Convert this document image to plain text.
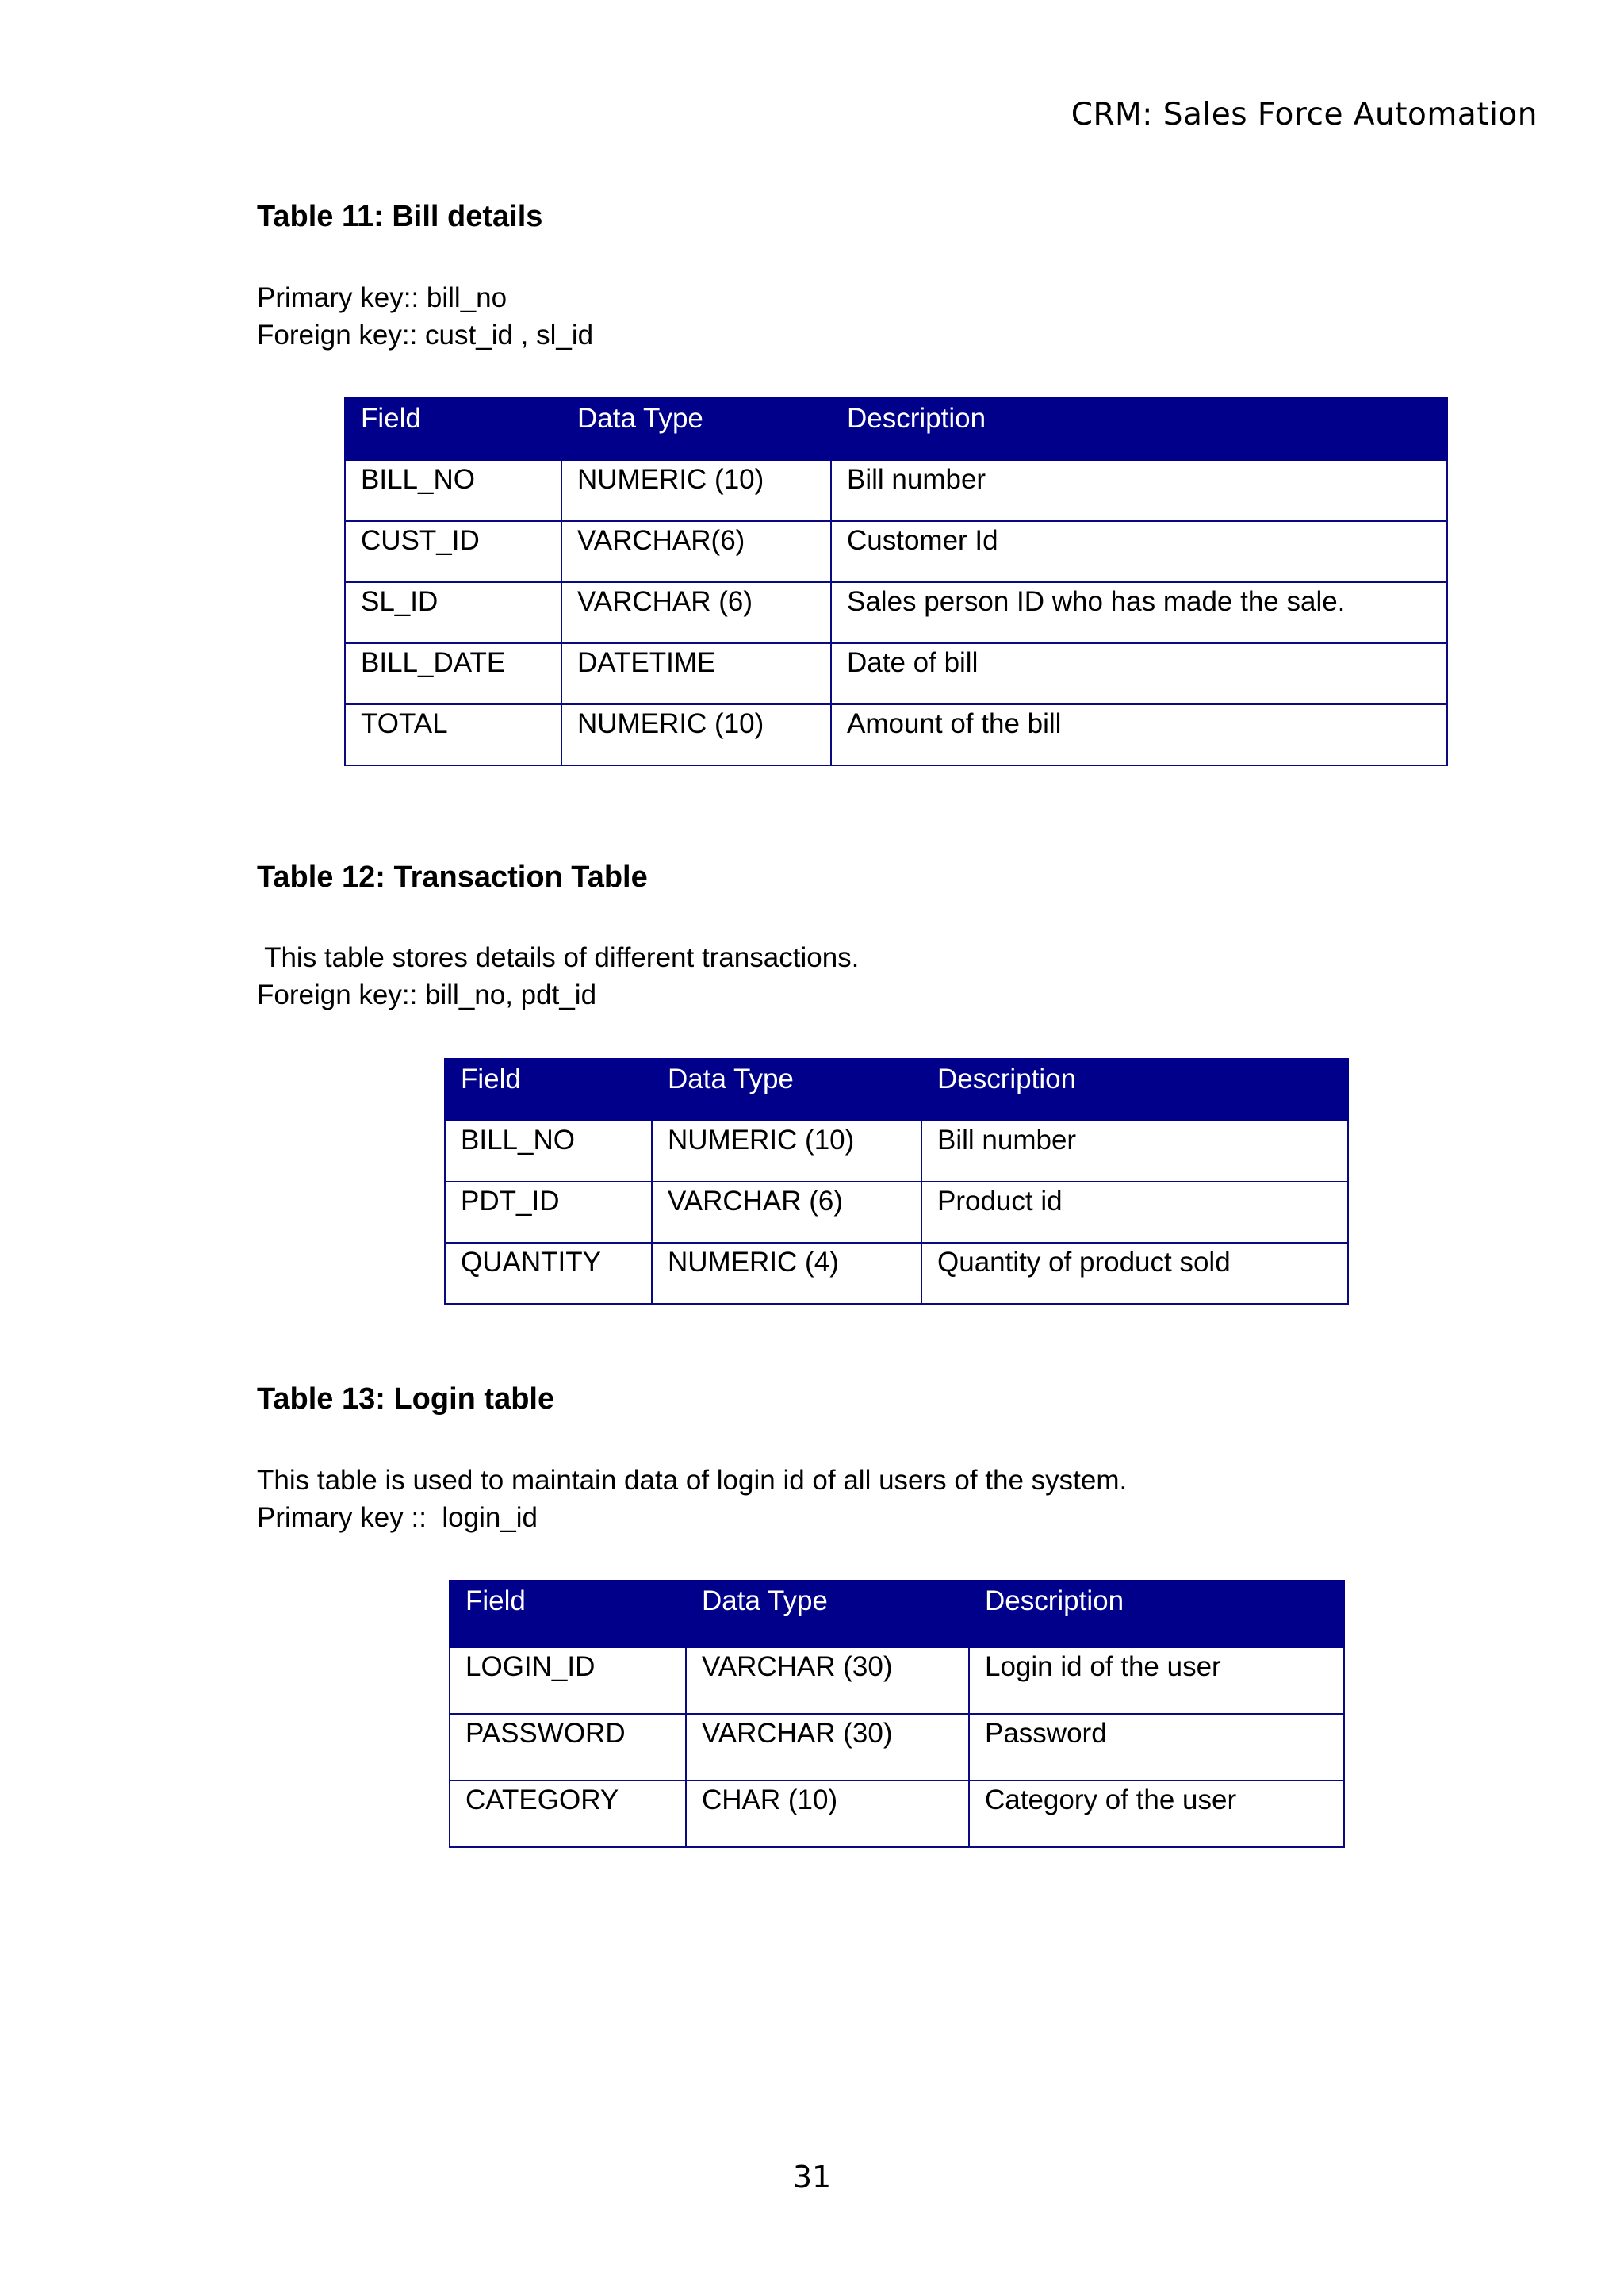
CRM: Sales Force Automation
Table 11: Bill details
Primary key:: bill_no
Foreign key:: cust_id , sl_id
Field	Data Type	Description
BILL_NO	NUMERIC (10)	Bill number
CUST_ID	VARCHAR(6)	Customer Id
SL_ID	VARCHAR (6)	Sales person ID who has made the sale.
BILL_DATE	DATETIME	Date of bill
TOTAL	NUMERIC (10)	Amount of the bill
Table 12: Transaction Table
This table stores details of different transactions.
Foreign key:: bill_no, pdt_id
Field	Data Type	Description
BILL_NO	NUMERIC (10)	Bill number
PDT_ID	VARCHAR (6)	Product id
QUANTITY	NUMERIC (4)	Quantity of product sold
Table 13: Login table
This table is used to maintain data of login id of all users of the system.
Primary key ::  login_id
Field	Data Type	Description
LOGIN_ID	VARCHAR (30)	Login id of the user
PASSWORD	VARCHAR (30)	Password
CATEGORY	CHAR (10)	Category of the user
31
